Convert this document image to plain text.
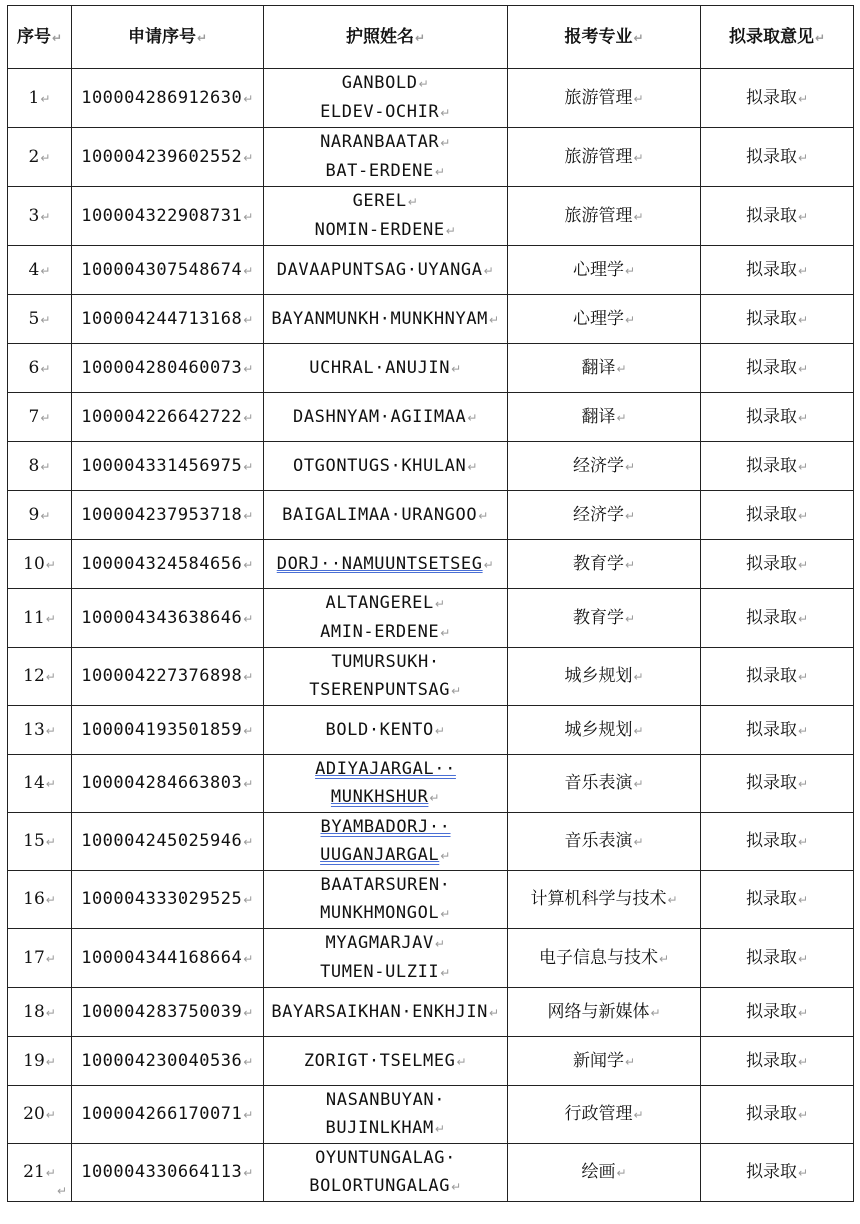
序号↵	申请序号↵	护照姓名↵	报考专业↵	拟录取意见↵
1↵	100004286912630↵	GANBOLD↵
ELDEV-OCHIR↵	旅游管理↵	拟录取↵
2↵	100004239602552↵	NARANBAATAR↵
BAT-ERDENE↵	旅游管理↵	拟录取↵
3↵	100004322908731↵	GEREL↵
NOMIN-ERDENE↵	旅游管理↵	拟录取↵
4↵	100004307548674↵	DAVAAPUNTSAG·UYANGA↵	心理学↵	拟录取↵
5↵	100004244713168↵	BAYANMUNKH·MUNKHNYAM↵	心理学↵	拟录取↵
6↵	100004280460073↵	UCHRAL·ANUJIN↵	翻译↵	拟录取↵
7↵	100004226642722↵	DASHNYAM·AGIIMAA↵	翻译↵	拟录取↵
8↵	100004331456975↵	OTGONTUGS·KHULAN↵	经济学↵	拟录取↵
9↵	100004237953718↵	BAIGALIMAA·URANGOO↵	经济学↵	拟录取↵
10↵	100004324584656↵	DORJ··NAMUUNTSETSEG↵	教育学↵	拟录取↵
11↵	100004343638646↵	ALTANGEREL↵
AMIN-ERDENE↵	教育学↵	拟录取↵
12↵	100004227376898↵	TUMURSUKH·
TSERENPUNTSAG↵	城乡规划↵	拟录取↵
13↵	100004193501859↵	BOLD·KENTO↵	城乡规划↵	拟录取↵
14↵	100004284663803↵	ADIYAJARGAL··
MUNKHSHUR↵	音乐表演↵	拟录取↵
15↵	100004245025946↵	BYAMBADORJ··
UUGANJARGAL↵	音乐表演↵	拟录取↵
16↵	100004333029525↵	BAATARSUREN·
MUNKHMONGOL↵	计算机科学与技术↵	拟录取↵
17↵	100004344168664↵	MYAGMARJAV↵
TUMEN-ULZII↵	电子信息与技术↵	拟录取↵
18↵	100004283750039↵	BAYARSAIKHAN·ENKHJIN↵	网络与新媒体↵	拟录取↵
19↵	100004230040536↵	ZORIGT·TSELMEG↵	新闻学↵	拟录取↵
20↵	100004266170071↵	NASANBUYAN·
BUJINLKHAM↵	行政管理↵	拟录取↵
21↵	100004330664113↵	OYUNTUNGALAG·
BOLORTUNGALAG↵	绘画↵	拟录取↵
↵
